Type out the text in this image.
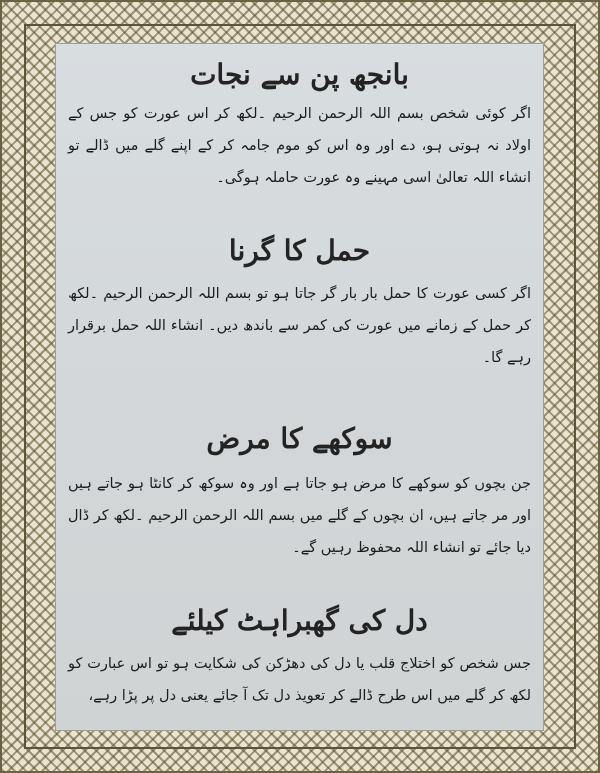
بانجھ پن سے نجات

اگر کوئی شخص بسم اللہ الرحمن الرحیم ۔لکھ کر اس عورت کو جس کے اولاد نہ ہوتی ہو، دے اور وہ اس کو موم جامہ کر کے اپنے گلے میں ڈالے تو انشاء اللہ تعالیٰ اسی مہینے وہ عورت حاملہ ہوگی۔

حمل کا گرنا

اگر کسی عورت کا حمل بار بار گر جاتا ہو تو بسم اللہ الرحمن الرحیم ۔لکھ کر حمل کے زمانے میں عورت کی کمر سے باندھ دیں۔ انشاء اللہ حمل برقرار رہے گا۔

سوکھے کا مرض

جن بچوں کو سوکھے کا مرض ہو جاتا ہے اور وہ سوکھ کر کانٹا ہو جاتے ہیں اور مر جاتے ہیں، ان بچوں کے گلے میں بسم اللہ الرحمن الرحیم ۔لکھ کر ڈال دیا جائے تو انشاء اللہ محفوظ رہیں گے۔

دل کی گھبراہٹ کیلئے

جس شخص کو اختلاج قلب یا دل کی دھڑکن کی شکایت ہو تو اس عبارت کو لکھ کر گلے میں اس طرح ڈالے کر تعویذ دل تک آ جائے یعنی دل پر پڑا رہے،
